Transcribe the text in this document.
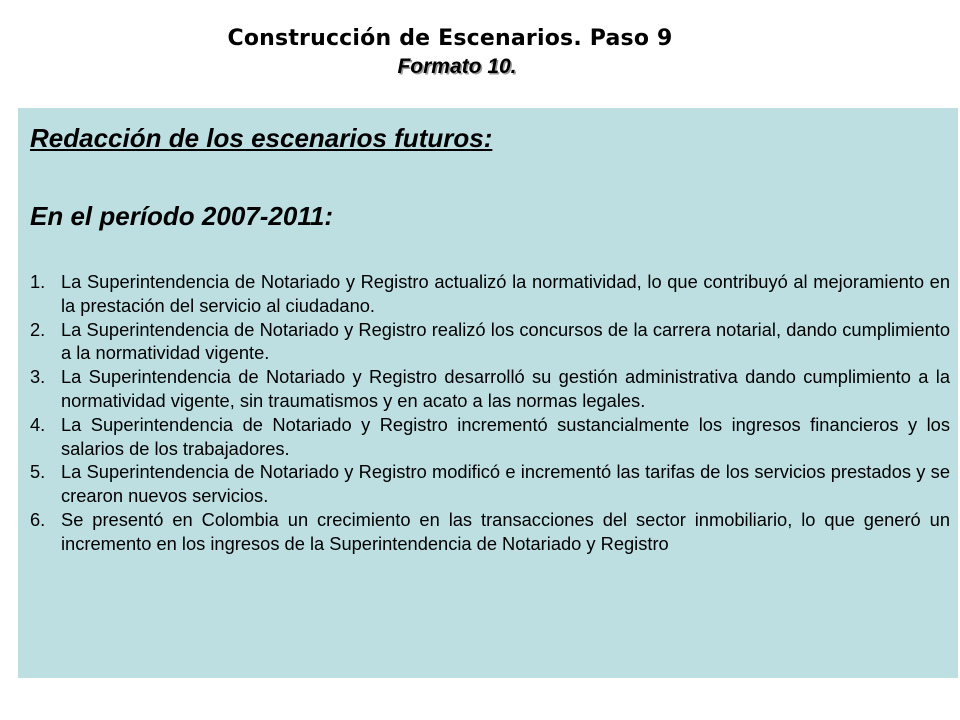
Construcción de Escenarios. Paso 9
Formato 10.
Redacción de los escenarios futuros:
En el período 2007-2011:
1. La Superintendencia de Notariado y Registro actualizó la normatividad, lo que contribuyó al mejoramiento en la prestación del servicio al ciudadano.
2. La Superintendencia de Notariado y Registro realizó los concursos de la carrera notarial, dando cumplimiento a la normatividad vigente.
3. La Superintendencia de Notariado y Registro desarrolló su gestión administrativa dando cumplimiento a la normatividad vigente, sin traumatismos y en acato a las normas legales.
4. La Superintendencia de Notariado y Registro incrementó sustancialmente los ingresos financieros y los salarios de los trabajadores.
5. La Superintendencia de Notariado y Registro modificó e incrementó las tarifas de los servicios prestados y se crearon nuevos servicios.
6. Se presentó en Colombia un crecimiento en las transacciones del sector inmobiliario, lo que generó un incremento en los ingresos de la Superintendencia de Notariado y Registro
